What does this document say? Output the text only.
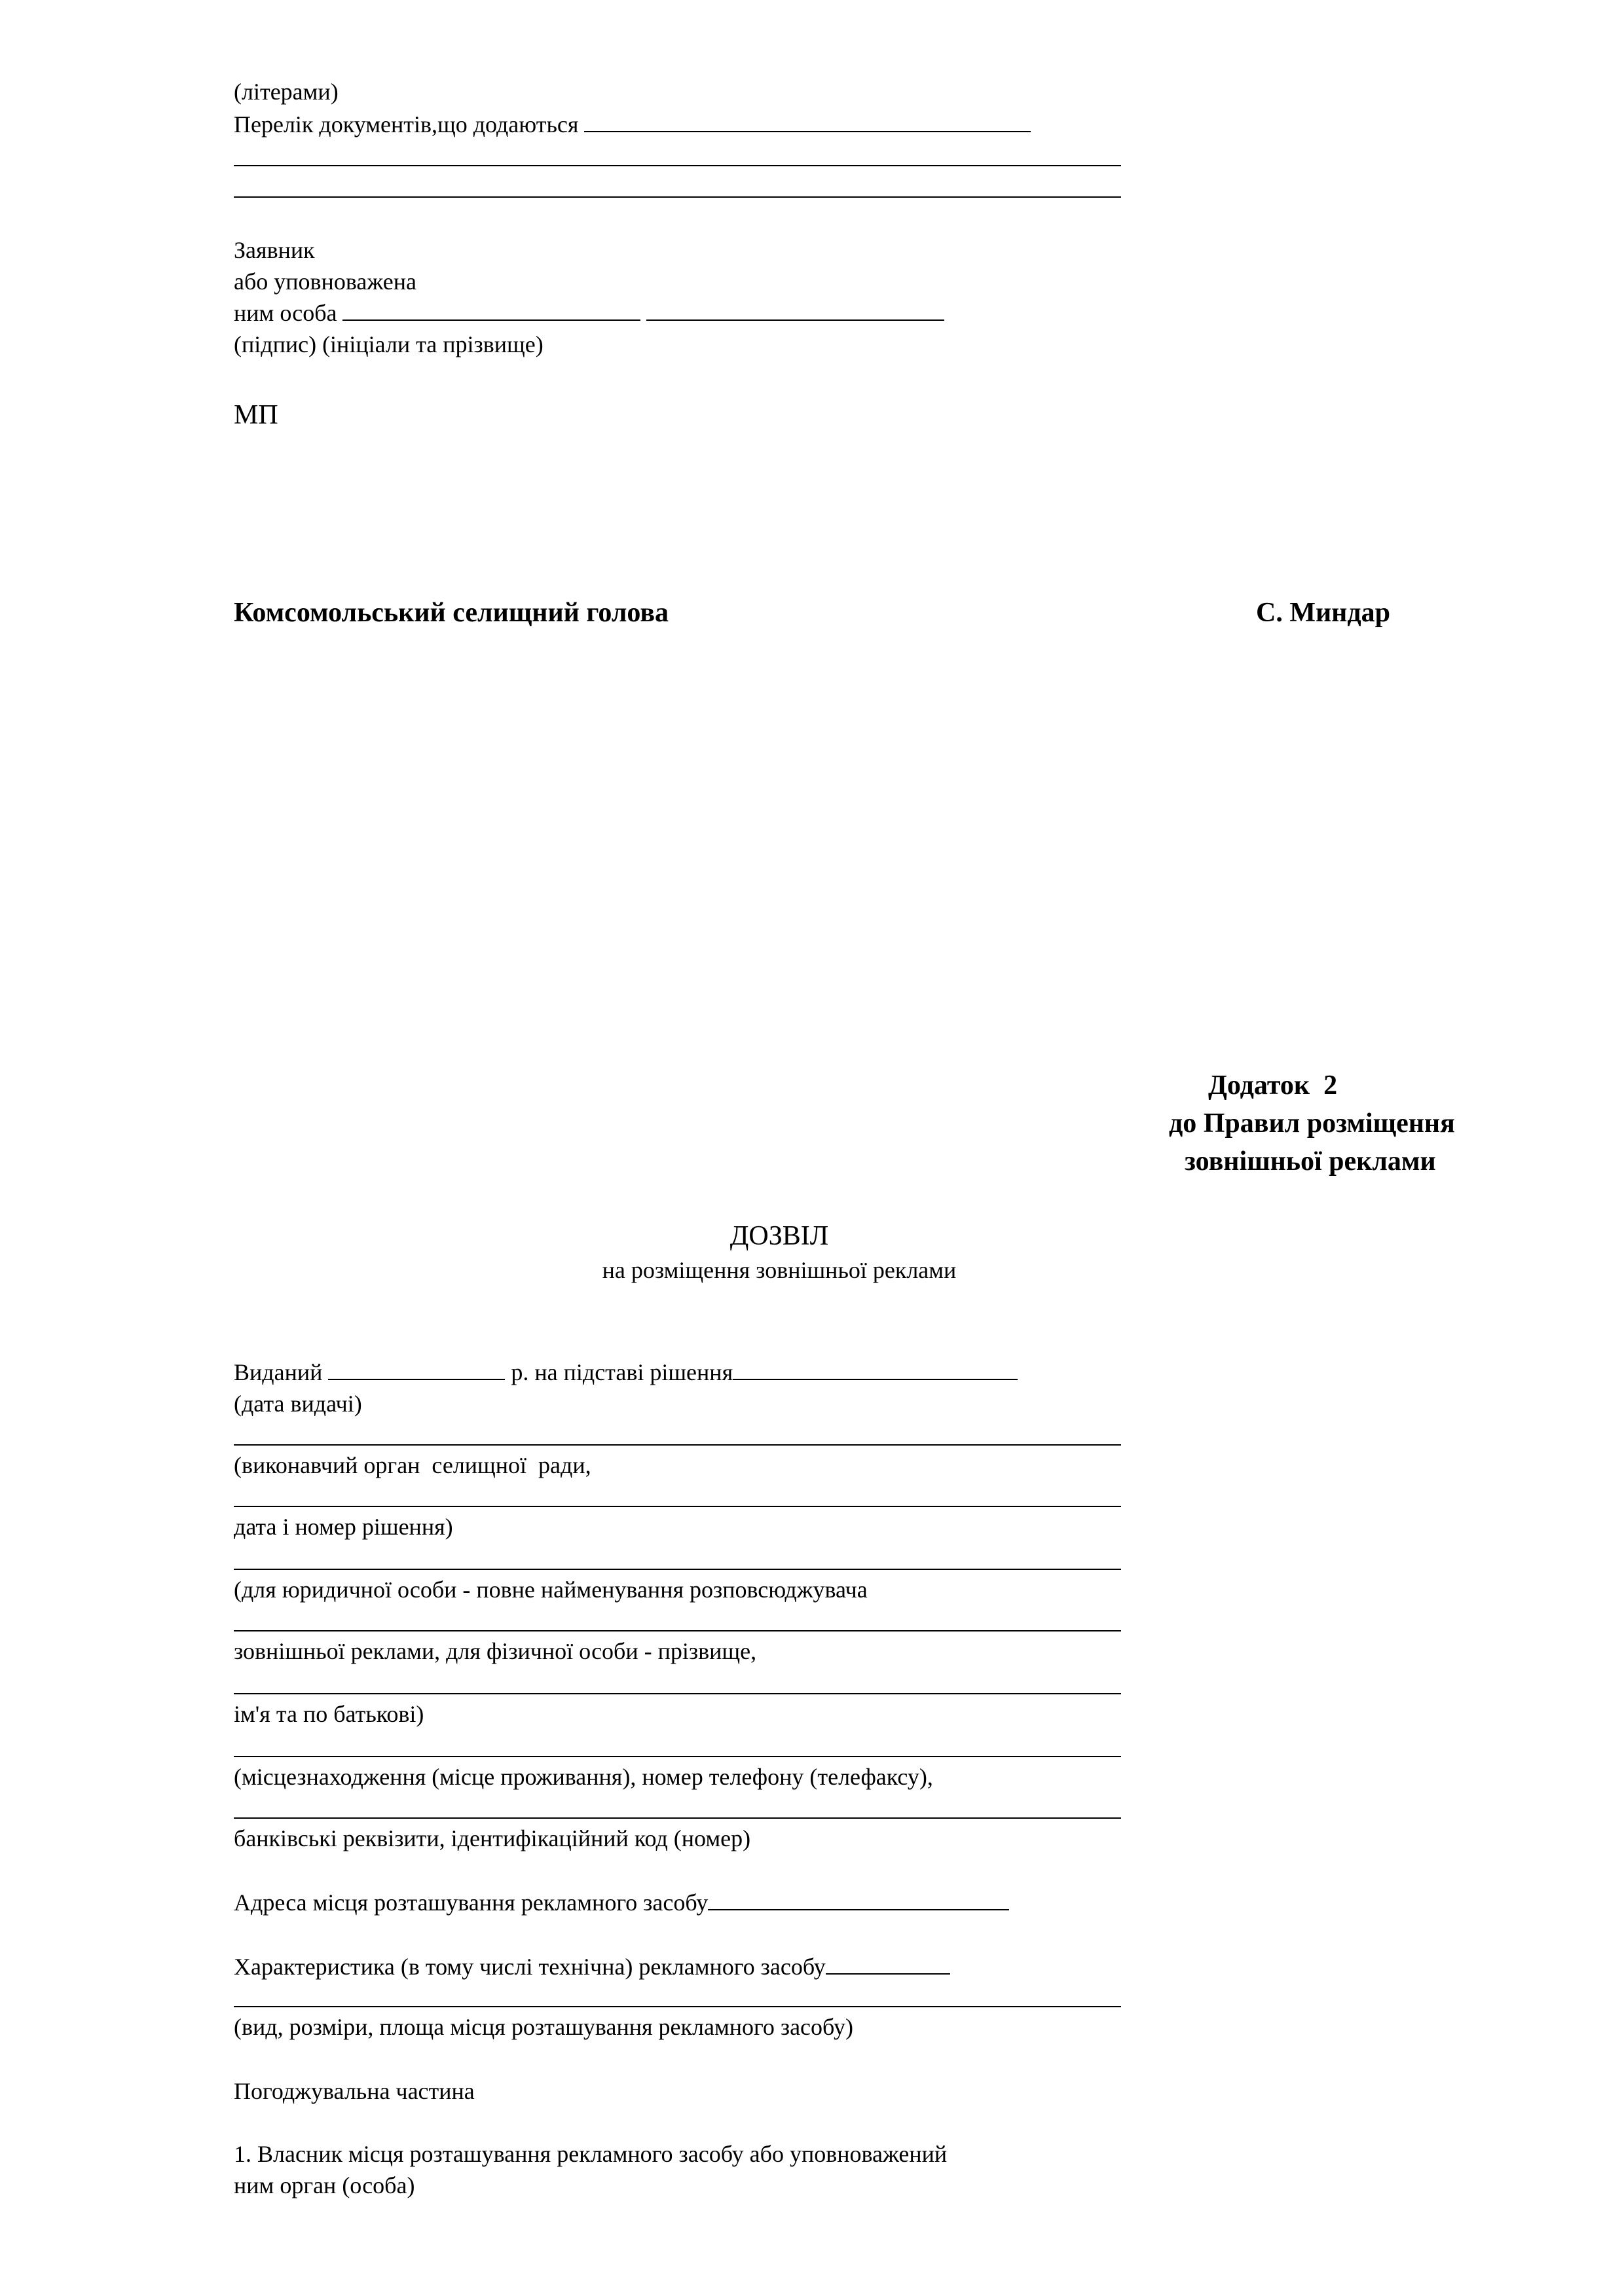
(літерами)
Перелік документів,що додаються
Заявник
або уповноважена
ним особа
(підпис) (ініціали та прізвище)
МП
Комсомольський селищний голова	С. Миндар
Додаток  2
до Правил розміщення
зовнішньої реклами
ДОЗВІЛ
на розміщення зовнішньої реклами
Виданий	р. на підставі рішення
(дата видачі)
(виконавчий орган  селищної  ради,
дата і номер рішення)
(для юридичної особи - повне найменування розповсюджувача
зовнішньої реклами, для фізичної особи - прізвище,
ім'я та по батькові)
(місцезнаходження (місце проживання), номер телефону (телефаксу),
банківські реквізити, ідентифікаційний код (номер)
Адреса місця розташування рекламного засобу
Характеристика (в тому числі технічна) рекламного засобу
(вид, розміри, площа місця розташування рекламного засобу)
Погоджувальна частина
1. Власник місця розташування рекламного засобу або уповноважений
ним орган (особа)
